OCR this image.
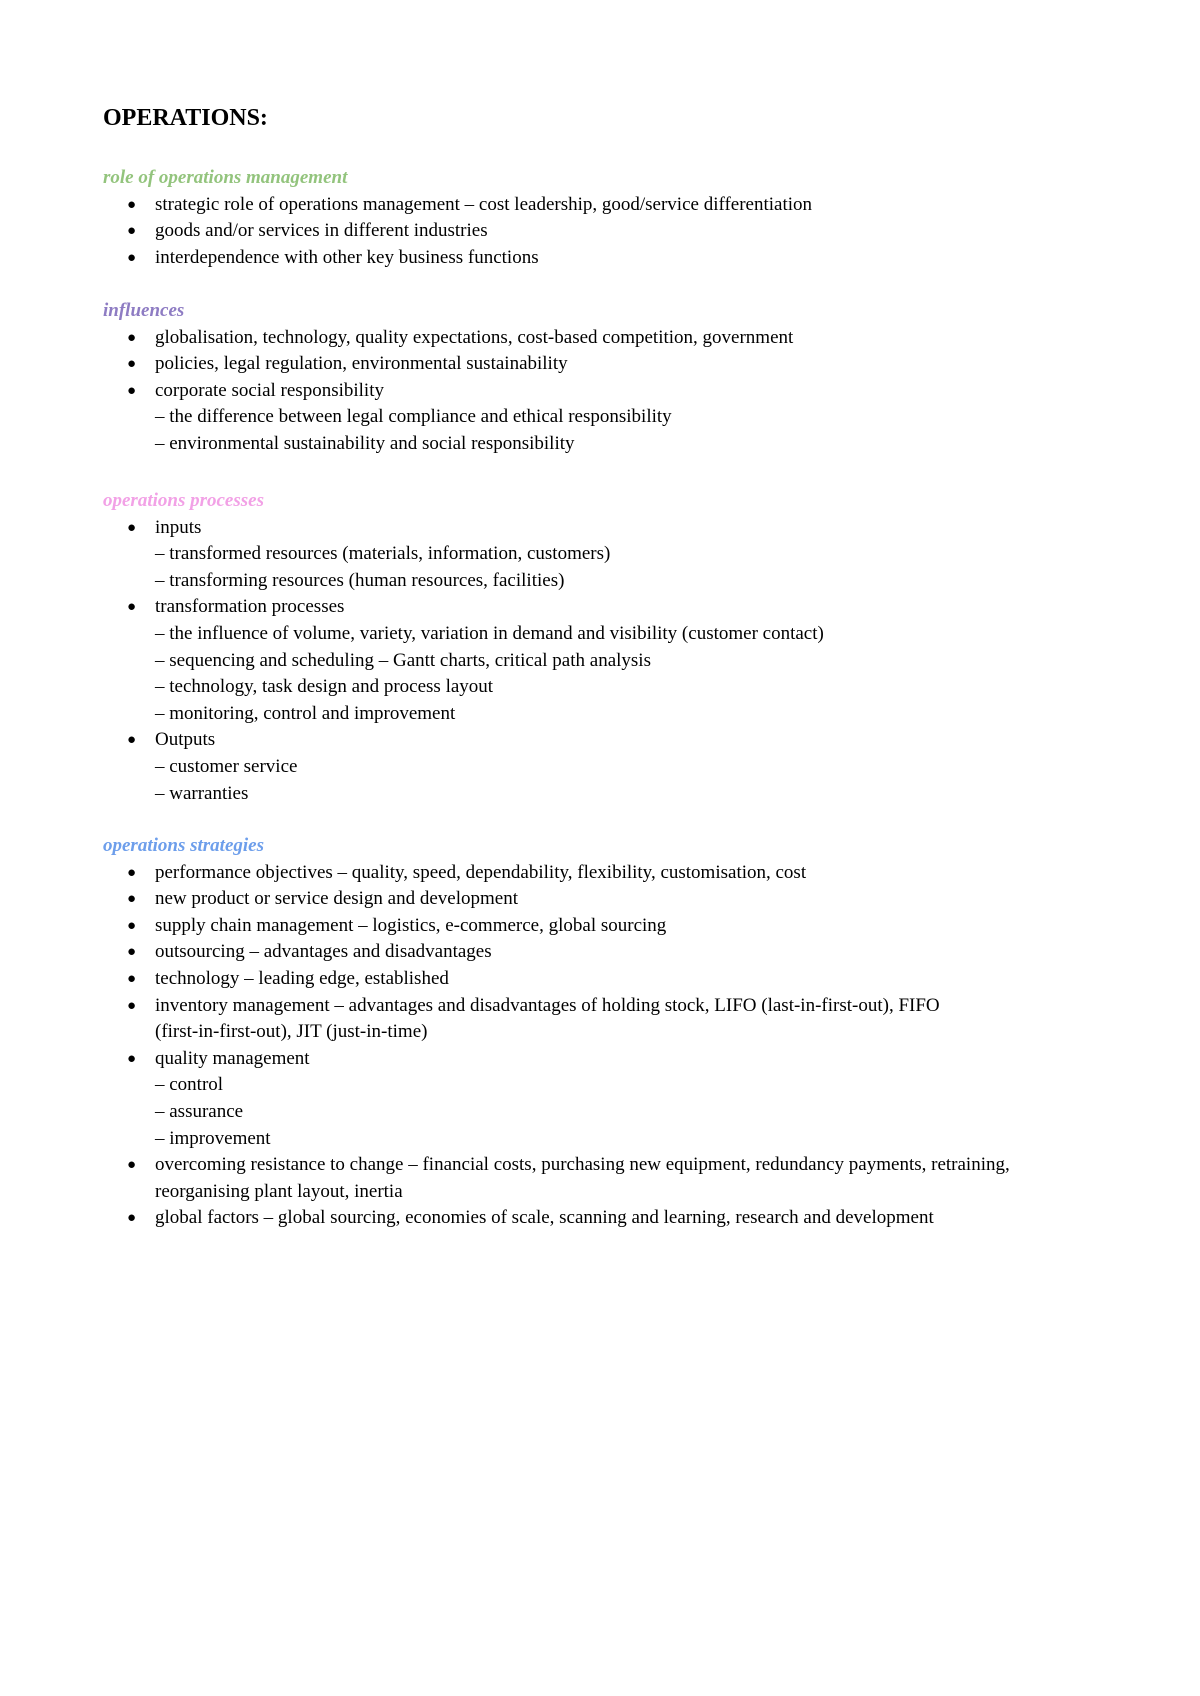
OPERATIONS:
role of operations management
● strategic role of operations management – cost leadership, good/service differentiation
● goods and/or services in different industries
● interdependence with other key business functions
influences
● globalisation, technology, quality expectations, cost-based competition, government
● policies, legal regulation, environmental sustainability
● corporate social responsibility
– the difference between legal compliance and ethical responsibility
– environmental sustainability and social responsibility
operations processes
● inputs
– transformed resources (materials, information, customers)
– transforming resources (human resources, facilities)
● transformation processes
– the influence of volume, variety, variation in demand and visibility (customer contact)
– sequencing and scheduling – Gantt charts, critical path analysis
– technology, task design and process layout
– monitoring, control and improvement
● Outputs
– customer service
– warranties
operations strategies
● performance objectives – quality, speed, dependability, flexibility, customisation, cost
● new product or service design and development
● supply chain management – logistics, e-commerce, global sourcing
● outsourcing – advantages and disadvantages
● technology – leading edge, established
● inventory management – advantages and disadvantages of holding stock, LIFO (last-in-first-out), FIFO
(first-in-first-out), JIT (just-in-time)
● quality management
– control
– assurance
– improvement
● overcoming resistance to change – financial costs, purchasing new equipment, redundancy payments, retraining,
reorganising plant layout, inertia
● global factors – global sourcing, economies of scale, scanning and learning, research and development
